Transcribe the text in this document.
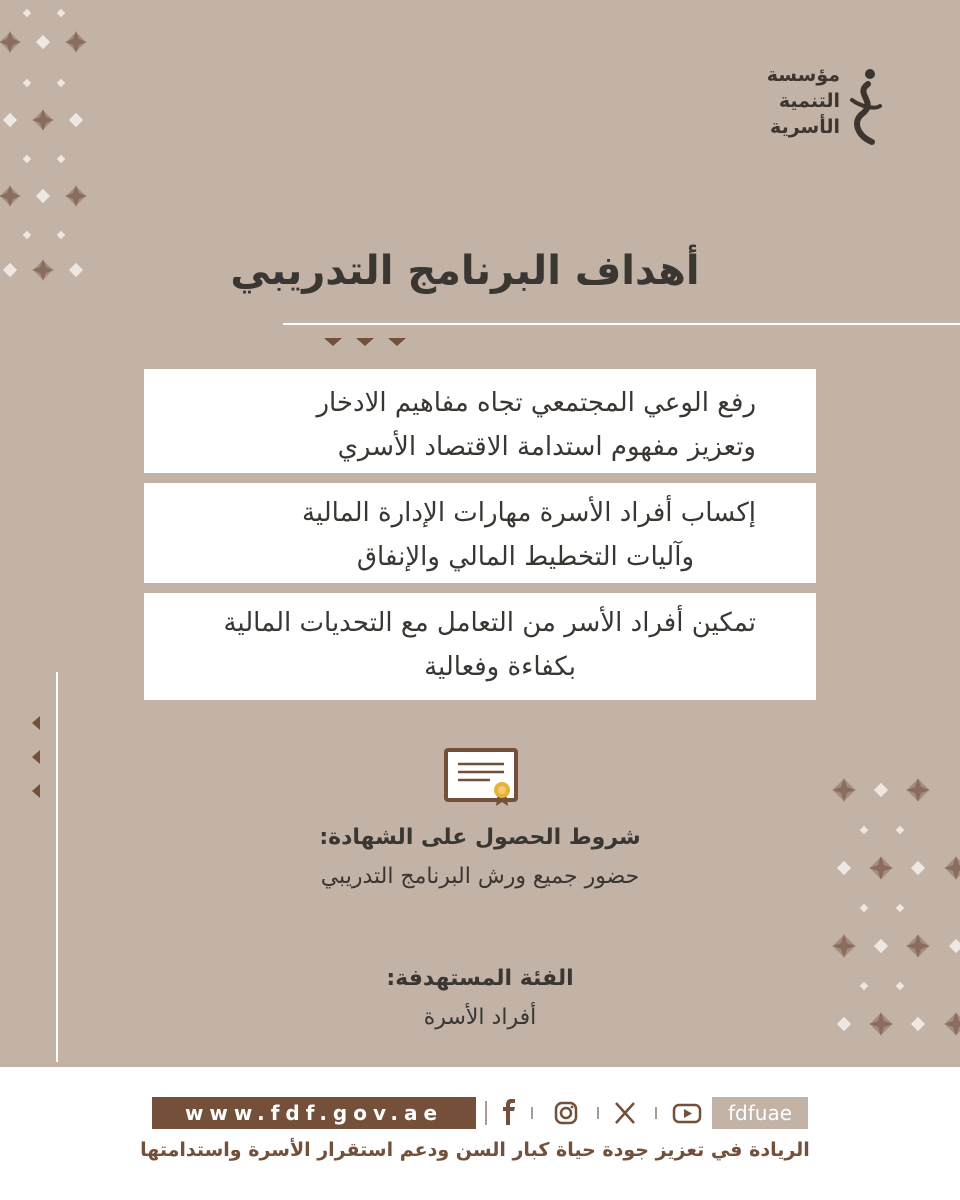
مؤسسة
التنمية
الأسرية
أهداف البرنامج التدريبي
رفع الوعي المجتمعي تجاه مفاهيم الادخار
وتعزيز مفهوم استدامة الاقتصاد الأسري
إكساب أفراد الأسرة مهارات الإدارة المالية
وآليات التخطيط المالي والإنفاق
تمكين أفراد الأسر من التعامل مع التحديات المالية
بكفاءة وفعالية
شروط الحصول على الشهادة:
حضور جميع ورش البرنامج التدريبي
الفئة المستهدفة:
أفراد الأسرة
www.fdf.gov.ae	fdfuae
الريادة في تعزيز جودة حياة كبار السن ودعم استقرار الأسرة واستدامتها
